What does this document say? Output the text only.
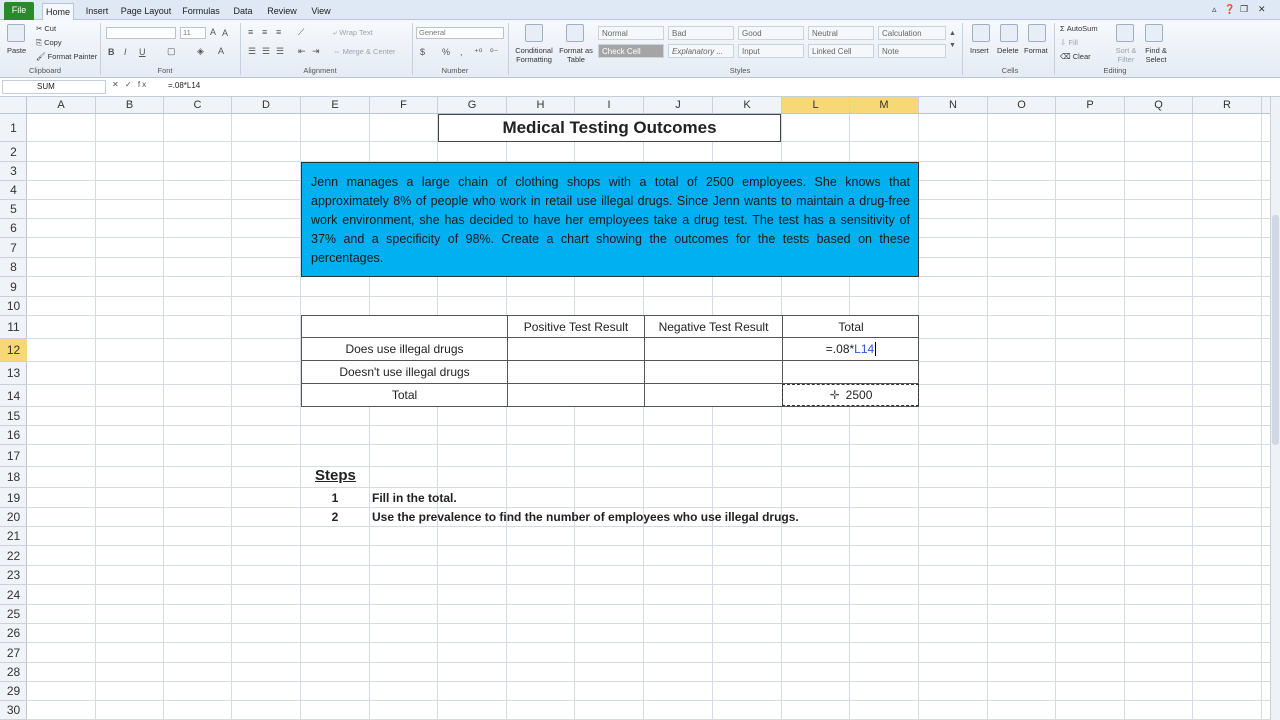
File	Home	Insert	Page Layout Formulas	Data	Review	View	▵ ❓ ❐ ✕
Paste
✂ Cut
⎘ Copy
🖌 Format Painter
Clipboard
11	A A
B I U ▢ ◈ A
Font
≡ ≡ ≡ ⟋
☰ ☰ ☰ ⇤ ⇥
⤶ Wrap Text
⇔ Merge & Center
Alignment
General
$ % , ⁺⁰ ⁰⁻
Number
Conditional Formatting
Format as Table
Normal	Bad	Good	Neutral	Calculation
Check Cell	Explanatory ...	Input	Linked Cell	Note
▲
▼
Styles
Insert Delete Format
Cells
Σ AutoSum
⇩ Fill
⌫ Clear
Sort & Filter
Find & Select
Editing
SUM	✕ ✓ fx =.08*L14
A	B	C	D	E	F	G	H	I	J	K	L	M	N	O	P	Q	R
1
2
3
4
5
6
7
8
9
10
11
12
13
14
15
16
17
18
19
20
21
22
23
24
25
26
27
28
29
30
Medical Testing Outcomes
Jenn manages a large chain of clothing shops with a total of 2500 employees. She knows that approximately 8% of people who work in retail use illegal drugs. Since Jenn wants to maintain a drug-free work environment, she has decided to have her employees take a drug test. The test has a sensitivity of 37% and a specificity of 98%. Create a chart showing the outcomes for the tests based on these percentages.
Positive Test Result	Negative Test Result	Total
Does use illegal drugs	=.08*L14
Doesn't use illegal drugs
Total	✛ 2500
Steps
1	Fill in the total.
2	Use the prevalence to find the number of employees who use illegal drugs.
